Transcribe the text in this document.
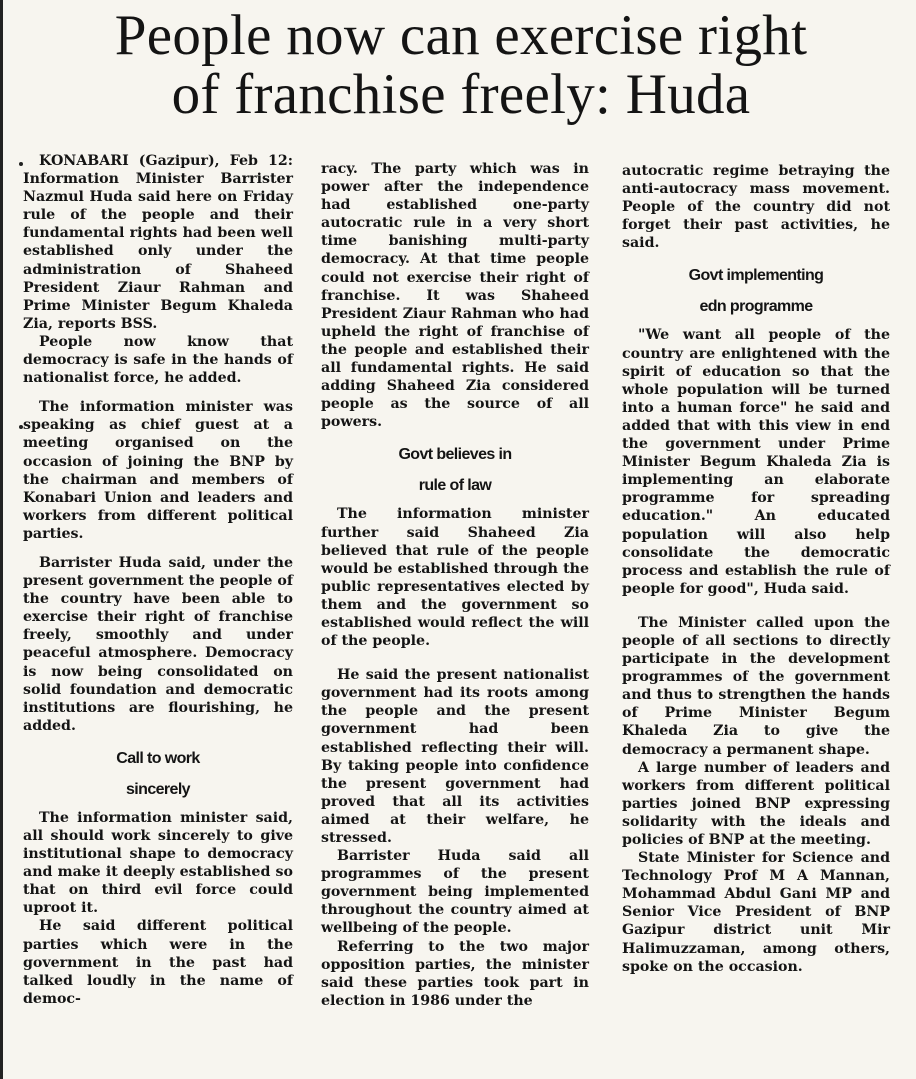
People now can exercise right
of franchise freely: Huda

KONABARI (Gazipur), Feb 12: Information Minister Barrister Nazmul Huda said here on Friday rule of the people and their fundamental rights had been well established only under the administration of Shaheed President Ziaur Rahman and Prime Minister Begum Khaleda Zia, reports BSS.

People now know that democracy is safe in the hands of nationalist force, he added.

The information minister was speaking as chief guest at a meeting organised on the occasion of joining the BNP by the chairman and members of Konabari Union and leaders and workers from different political parties.

Barrister Huda said, under the present government the people of the country have been able to exercise their right of franchise freely, smoothly and under peaceful atmosphere. Democracy is now being consolidated on solid foundation and democratic institutions are flourishing, he added.

Call to work
sincerely

The information minister said, all should work sincerely to give institutional shape to democracy and make it deeply established so that on third evil force could uproot it.

He said different political parties which were in the government in the past had talked loudly in the name of democ-

racy. The party which was in power after the independence had established one-party autocratic rule in a very short time banishing multi-party democracy. At that time people could not exercise their right of franchise. It was Shaheed President Ziaur Rahman who had upheld the right of franchise of the people and established their all fundamental rights. He said adding Shaheed Zia considered people as the source of all powers.

Govt believes in
rule of law

The information minister further said Shaheed Zia believed that rule of the people would be established through the public representatives elected by them and the government so established would reflect the will of the people.

He said the present nationalist government had its roots among the people and the present government had been established reflecting their will. By taking people into confidence the present government had proved that all its activities aimed at their welfare, he stressed.

Barrister Huda said all programmes of the present government being implemented throughout the country aimed at wellbeing of the people.

Referring to the two major opposition parties, the minister said these parties took part in election in 1986 under the

autocratic regime betraying the anti-autocracy mass movement. People of the country did not forget their past activities, he said.

Govt implementing
edn programme

"We want all people of the country are enlightened with the spirit of education so that the whole population will be turned into a human force" he said and added that with this view in end the government under Prime Minister Begum Khaleda Zia is implementing an elaborate programme for spreading education." An educated population will also help consolidate the democratic process and establish the rule of people for good", Huda said.

The Minister called upon the people of all sections to directly participate in the development programmes of the government and thus to strengthen the hands of Prime Minister Begum Khaleda Zia to give the democracy a permanent shape.

A large number of leaders and workers from different political parties joined BNP expressing solidarity with the ideals and policies of BNP at the meeting.

State Minister for Science and Technology Prof M A Mannan, Mohammad Abdul Gani MP and Senior Vice President of BNP Gazipur district unit Mir Halimuzzaman, among others, spoke on the occasion.
